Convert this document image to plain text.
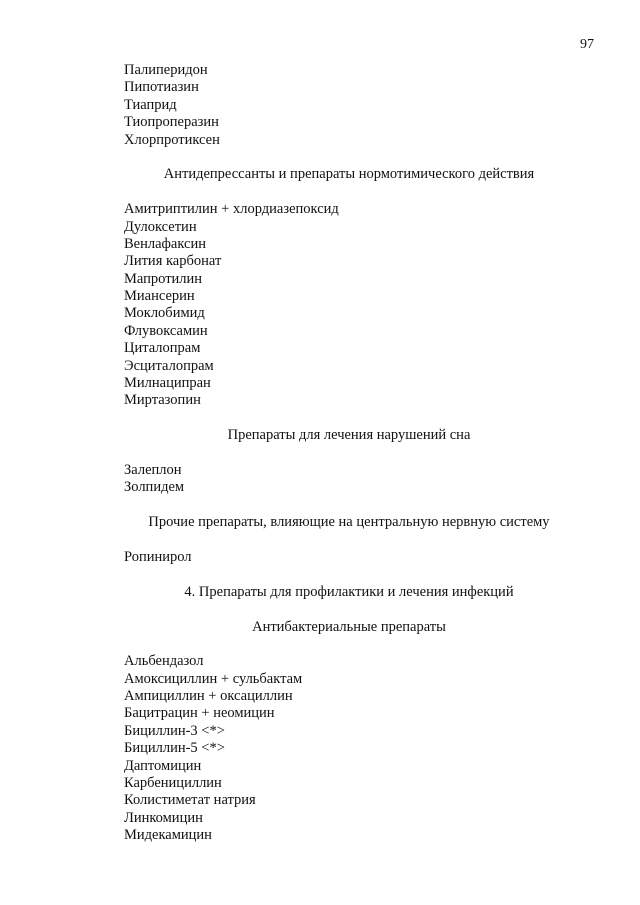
97
Палиперидон
Пипотиазин
Тиаприд
Тиопроперазин
Хлорпротиксен
Антидепрессанты и препараты нормотимического действия
Амитриптилин + хлордиазепоксид
Дулоксетин
Венлафаксин
Лития карбонат
Мапротилин
Миансерин
Моклобимид
Флувоксамин
Циталопрам
Эсциталопрам
Милнаципран
Миртазопин
Препараты для лечения нарушений сна
Залеплон
Золпидем
Прочие препараты, влияющие на центральную нервную систему
Ропинирол
4. Препараты для профилактики и лечения инфекций
Антибактериальные препараты
Альбендазол
Амоксициллин + сульбактам
Ампициллин + оксациллин
Бацитрацин + неомицин
Бициллин-3 <*>
Бициллин-5 <*>
Даптомицин
Карбенициллин
Колистиметат натрия
Линкомицин
Мидекамицин
